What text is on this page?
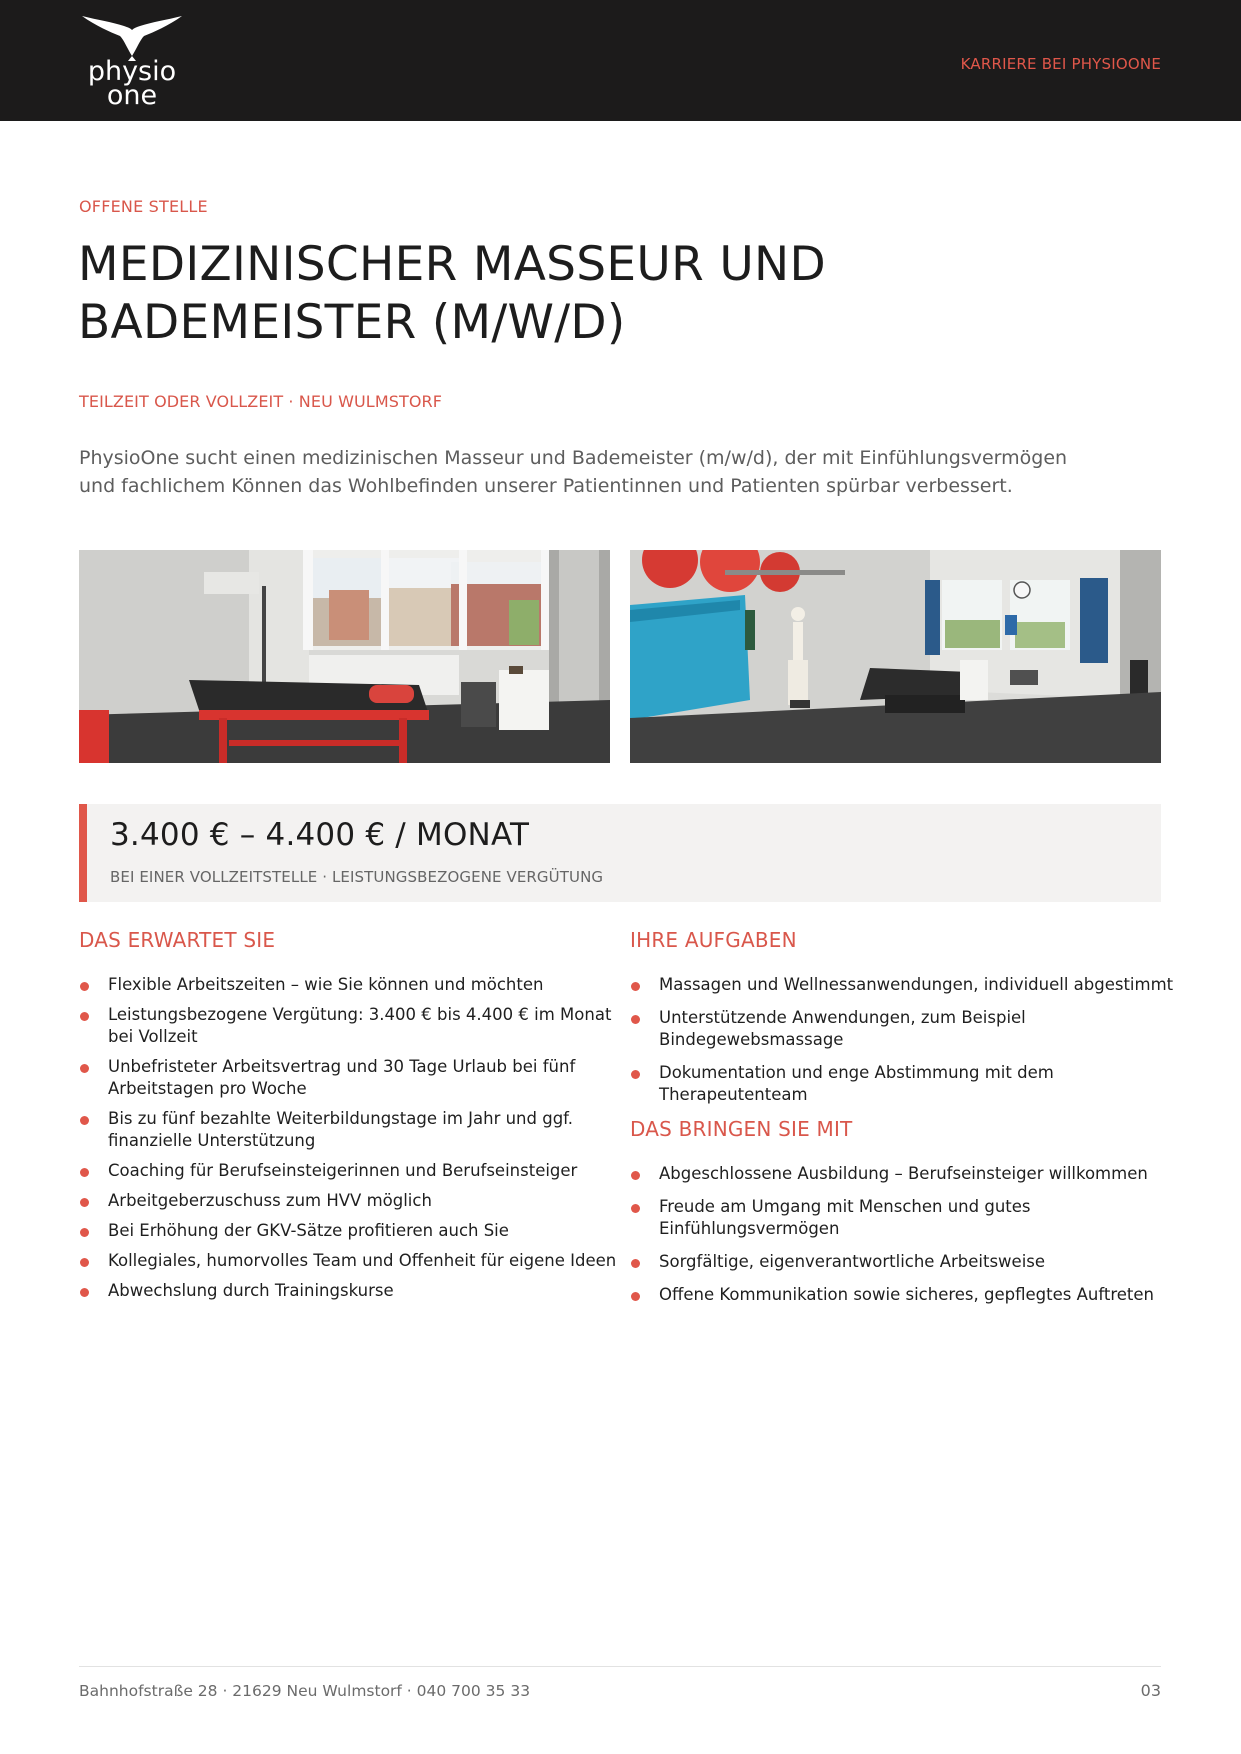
physio
one
KARRIERE BEI PHYSIOONE
OFFENE STELLE
MEDIZINISCHER MASSEUR UND BADEMEISTER (M/W/D)
TEILZEIT ODER VOLLZEIT · NEU WULMSTORF

PhysioOne sucht einen medizinischen Masseur und Bademeister (m/w/d), der mit Einfühlungsvermögen und fachlichem Können das Wohlbefinden unserer Patientinnen und Patienten spürbar verbessert.

3.400 € – 4.400 € / MONAT
BEI EINER VOLLZEITSTELLE · LEISTUNGSBEZOGENE VERGÜTUNG
DAS ERWARTET SIE
Flexible Arbeitszeiten – wie Sie können und möchten
Leistungsbezogene Vergütung: 3.400 € bis 4.400 € im Monat bei Vollzeit
Unbefristeter Arbeitsvertrag und 30 Tage Urlaub bei fünf Arbeitstagen pro Woche
Bis zu fünf bezahlte Weiterbildungstage im Jahr und ggf. finanzielle Unterstützung
Coaching für Berufseinsteigerinnen und Berufseinsteiger
Arbeitgeberzuschuss zum HVV möglich
Bei Erhöhung der GKV-Sätze profitieren auch Sie
Kollegiales, humorvolles Team und Offenheit für eigene Ideen
Abwechslung durch Trainingskurse
IHRE AUFGABEN
Massagen und Wellnessanwendungen, individuell abgestimmt
Unterstützende Anwendungen, zum Beispiel Bindegewebsmassage
Dokumentation und enge Abstimmung mit dem Therapeutenteam
DAS BRINGEN SIE MIT
Abgeschlossene Ausbildung – Berufseinsteiger willkommen
Freude am Umgang mit Menschen und gutes Einfühlungsvermögen
Sorgfältige, eigenverantwortliche Arbeitsweise
Offene Kommunikation sowie sicheres, gepflegtes Auftreten
Bahnhofstraße 28 · 21629 Neu Wulmstorf · 040 700 35 33	03
